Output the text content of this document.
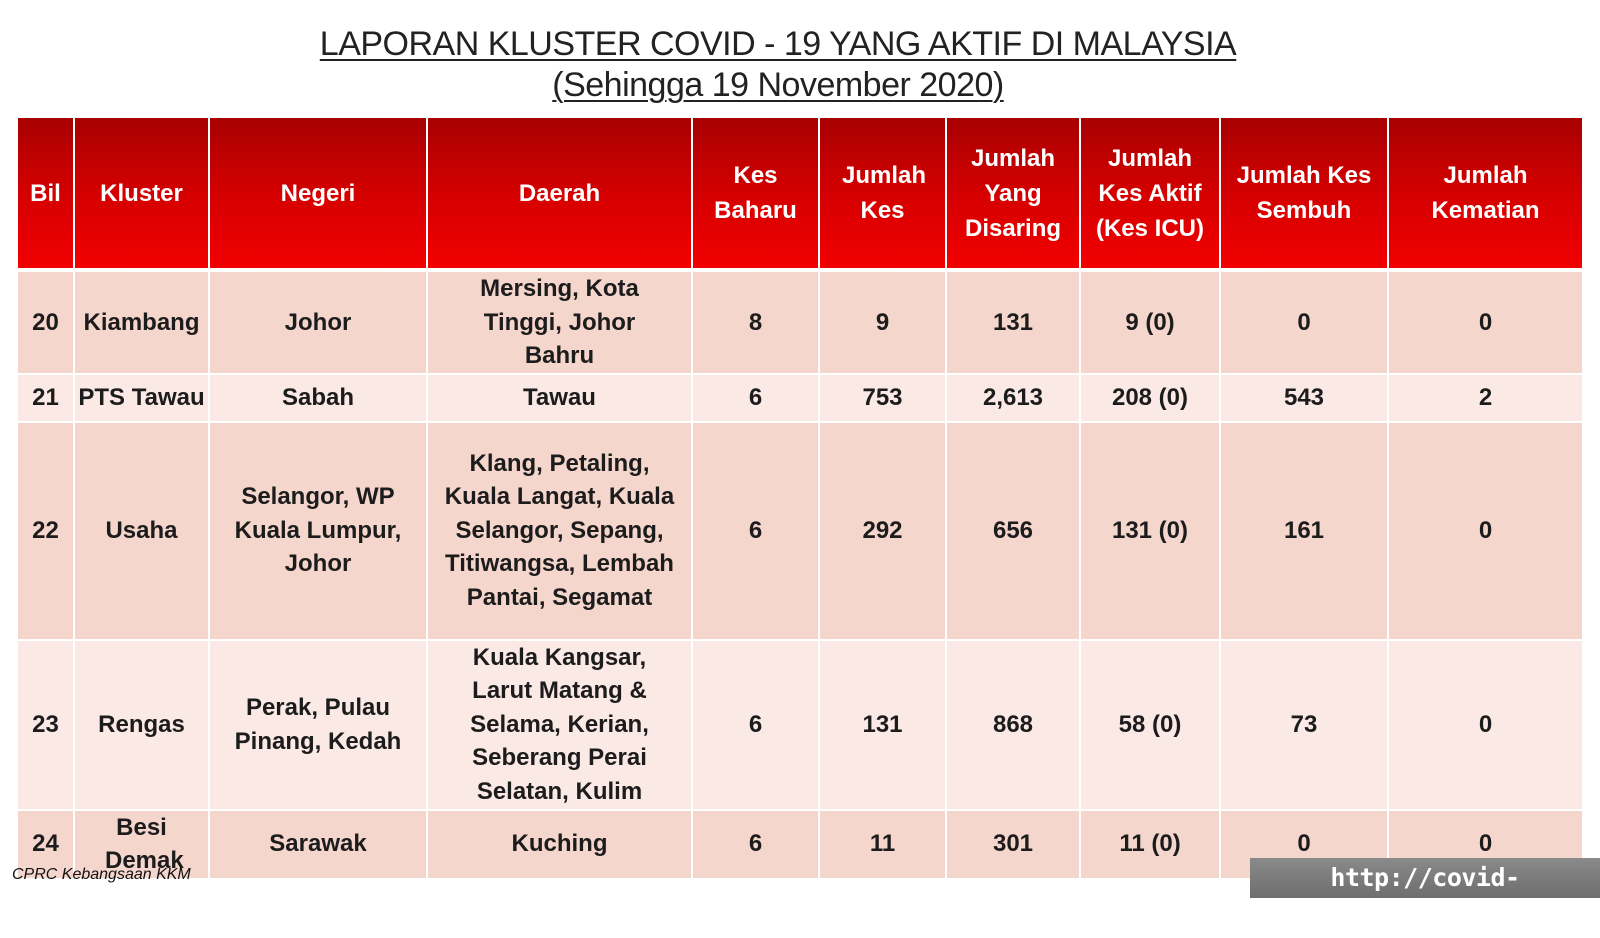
LAPORAN KLUSTER COVID - 19 YANG AKTIF DI MALAYSIA
(Sehingga 19 November 2020)
Bil	Kluster	Negeri	Daerah	Kes Baharu	Jumlah Kes	Jumlah Yang Disaring	Jumlah Kes Aktif (Kes ICU)	Jumlah Kes Sembuh	Jumlah Kematian
20	Kiambang	Johor	Mersing, Kota Tinggi, Johor Bahru	8	9	131	9 (0)	0	0
21	PTS Tawau	Sabah	Tawau	6	753	2,613	208 (0)	543	2
22	Usaha	Selangor, WP Kuala Lumpur, Johor	Klang, Petaling, Kuala Langat, Kuala Selangor, Sepang, Titiwangsa, Lembah Pantai, Segamat	6	292	656	131 (0)	161	0
23	Rengas	Perak, Pulau Pinang, Kedah	Kuala Kangsar, Larut Matang & Selama, Kerian, Seberang Perai Selatan, Kulim	6	131	868	58 (0)	73	0
24	Besi Demak	Sarawak	Kuching	6	11	301	11 (0)	0	0
CPRC Kebangsaan KKM	http://covid-19.moh.gov.my
